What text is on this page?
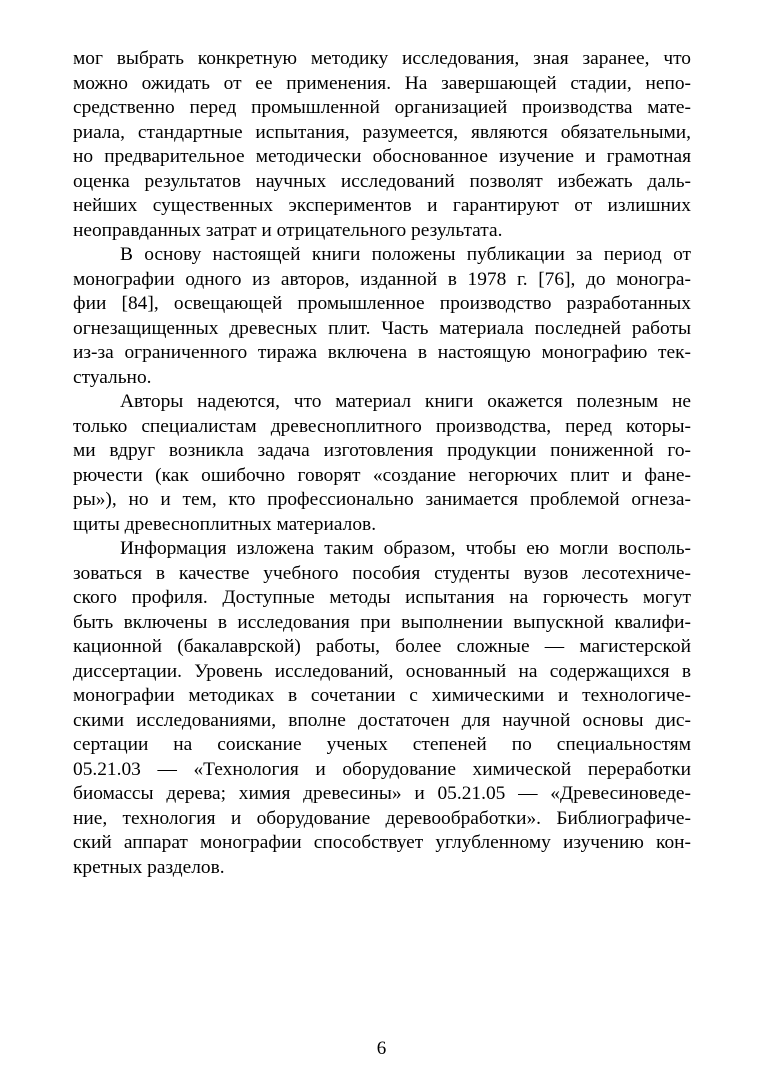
мог выбрать конкретную методику исследования, зная заранее, что
можно ожидать от ее применения. На завершающей стадии, непо-
средственно перед промышленной организацией производства мате-
риала, стандартные испытания, разумеется, являются обязательными,
но предварительное методически обоснованное изучение и грамотная
оценка результатов научных исследований позволят избежать даль-
нейших существенных экспериментов и гарантируют от излишних
неоправданных затрат и отрицательного результата.
В основу настоящей книги положены публикации за период от
монографии одного из авторов, изданной в 1978 г. [76], до моногра-
фии [84], освещающей промышленное производство разработанных
огнезащищенных древесных плит. Часть материала последней работы
из-за ограниченного тиража включена в настоящую монографию тек-
стуально.
Авторы надеются, что материал книги окажется полезным не
только специалистам древесноплитного производства, перед которы-
ми вдруг возникла задача изготовления продукции пониженной го-
рючести (как ошибочно говорят «создание негорючих плит и фане-
ры»), но и тем, кто профессионально занимается проблемой огнеза-
щиты древесноплитных материалов.
Информация изложена таким образом, чтобы ею могли восполь-
зоваться в качестве учебного пособия студенты вузов лесотехниче-
ского профиля. Доступные методы испытания на горючесть могут
быть включены в исследования при выполнении выпускной квалифи-
кационной (бакалаврской) работы, более сложные — магистерской
диссертации. Уровень исследований, основанный на содержащихся в
монографии методиках в сочетании с химическими и технологиче-
скими исследованиями, вполне достаточен для научной основы дис-
сертации на соискание ученых степеней по специальностям
05.21.03 — «Технология и оборудование химической переработки
биомассы дерева; химия древесины» и 05.21.05 — «Древесиноведе-
ние, технология и оборудование деревообработки». Библиографиче-
ский аппарат монографии способствует углубленному изучению кон-
кретных разделов.
6
